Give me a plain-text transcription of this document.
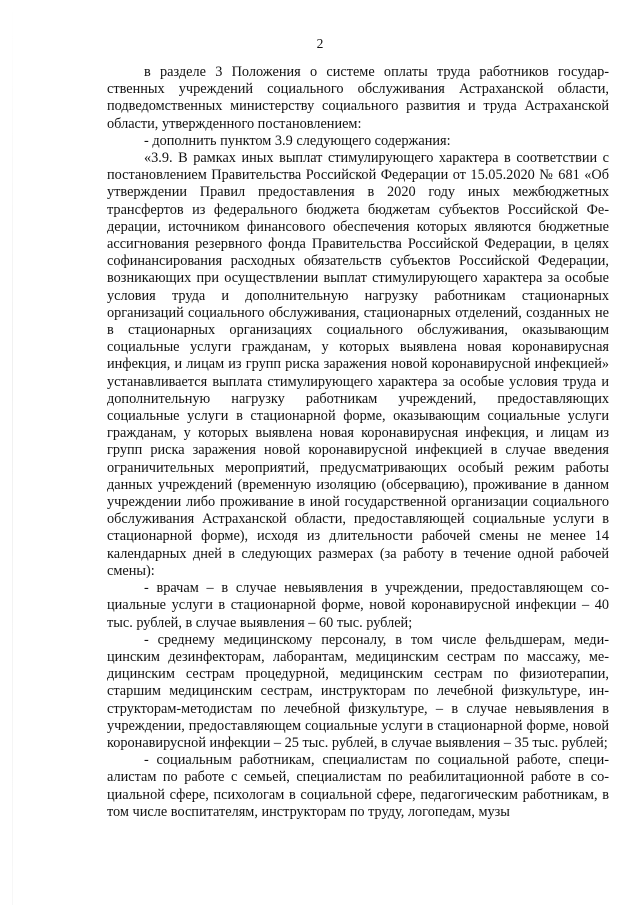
2

в разделе 3 Положения о системе оплаты труда работников государственных учреждений социального обслуживания Астраханской области, подведомственных министерству социального развития и труда Астраханской области, утвержденного постановлением:

- дополнить пунктом 3.9 следующего содержания:

«3.9. В рамках иных выплат стимулирующего характера в соответствии с постановлением Правительства Российской Федерации от 15.05.2020 № 681 «Об утверждении Правил предоставления в 2020 году иных межбюджетных трансфертов из федерального бюджета бюджетам субъектов Российской Федерации, источником финансового обеспечения которых являются бюджетные ассигнования резервного фонда Правительства Российской Федерации, в целях софинансирования расходных обязательств субъектов Российской Федерации, возникающих при осуществлении выплат стимулирующего характера за особые условия труда и дополнительную нагрузку работникам стационарных организаций социального обслуживания, стационарных отделений, созданных не в стационарных организациях социального обслуживания, оказывающим социальные услуги гражданам, у которых выявлена новая коронавирусная инфекция, и лицам из групп риска заражения новой коронавирусной инфекцией» устанавливается выплата стимулирующего характера за особые условия труда и дополнительную нагрузку работникам учреждений, предоставляющих социальные услуги в стационарной форме, оказывающим социальные услуги гражданам, у которых выявлена новая коронавирусная инфекция, и лицам из групп риска заражения новой коронавирусной инфекцией в случае введения ограничительных мероприятий, предусматривающих особый режим работы данных учреждений (временную изоляцию (обсервацию), проживание в данном учреждении либо проживание в иной государственной организации социального обслуживания Астраханской области, предоставляющей социальные услуги в стационарной форме), исходя из длительности рабочей смены не менее 14 календарных дней в следующих размерах (за работу в течение одной рабочей смены):

- врачам – в случае невыявления в учреждении, предоставляющем социальные услуги в стационарной форме, новой коронавирусной инфекции – 40 тыс. рублей, в случае выявления – 60 тыс. рублей;

- среднему медицинскому персоналу, в том числе фельдшерам, медицинским дезинфекторам, лаборантам, медицинским сестрам по массажу, медицинским сестрам процедурной, медицинским сестрам по физиотерапии, старшим медицинским сестрам, инструкторам по лечебной физкультуре, инструкторам-методистам по лечебной физкультуре, – в случае невыявления в учреждении, предоставляющем социальные услуги в стационарной форме, новой коронавирусной инфекции – 25 тыс. рублей, в случае выявления – 35 тыс. рублей;

- социальным работникам, специалистам по социальной работе, специалистам по работе с семьей, специалистам по реабилитационной работе в социальной сфере, психологам в социальной сфере, педагогическим работникам, в том числе воспитателям, инструкторам по труду, логопедам, музы
